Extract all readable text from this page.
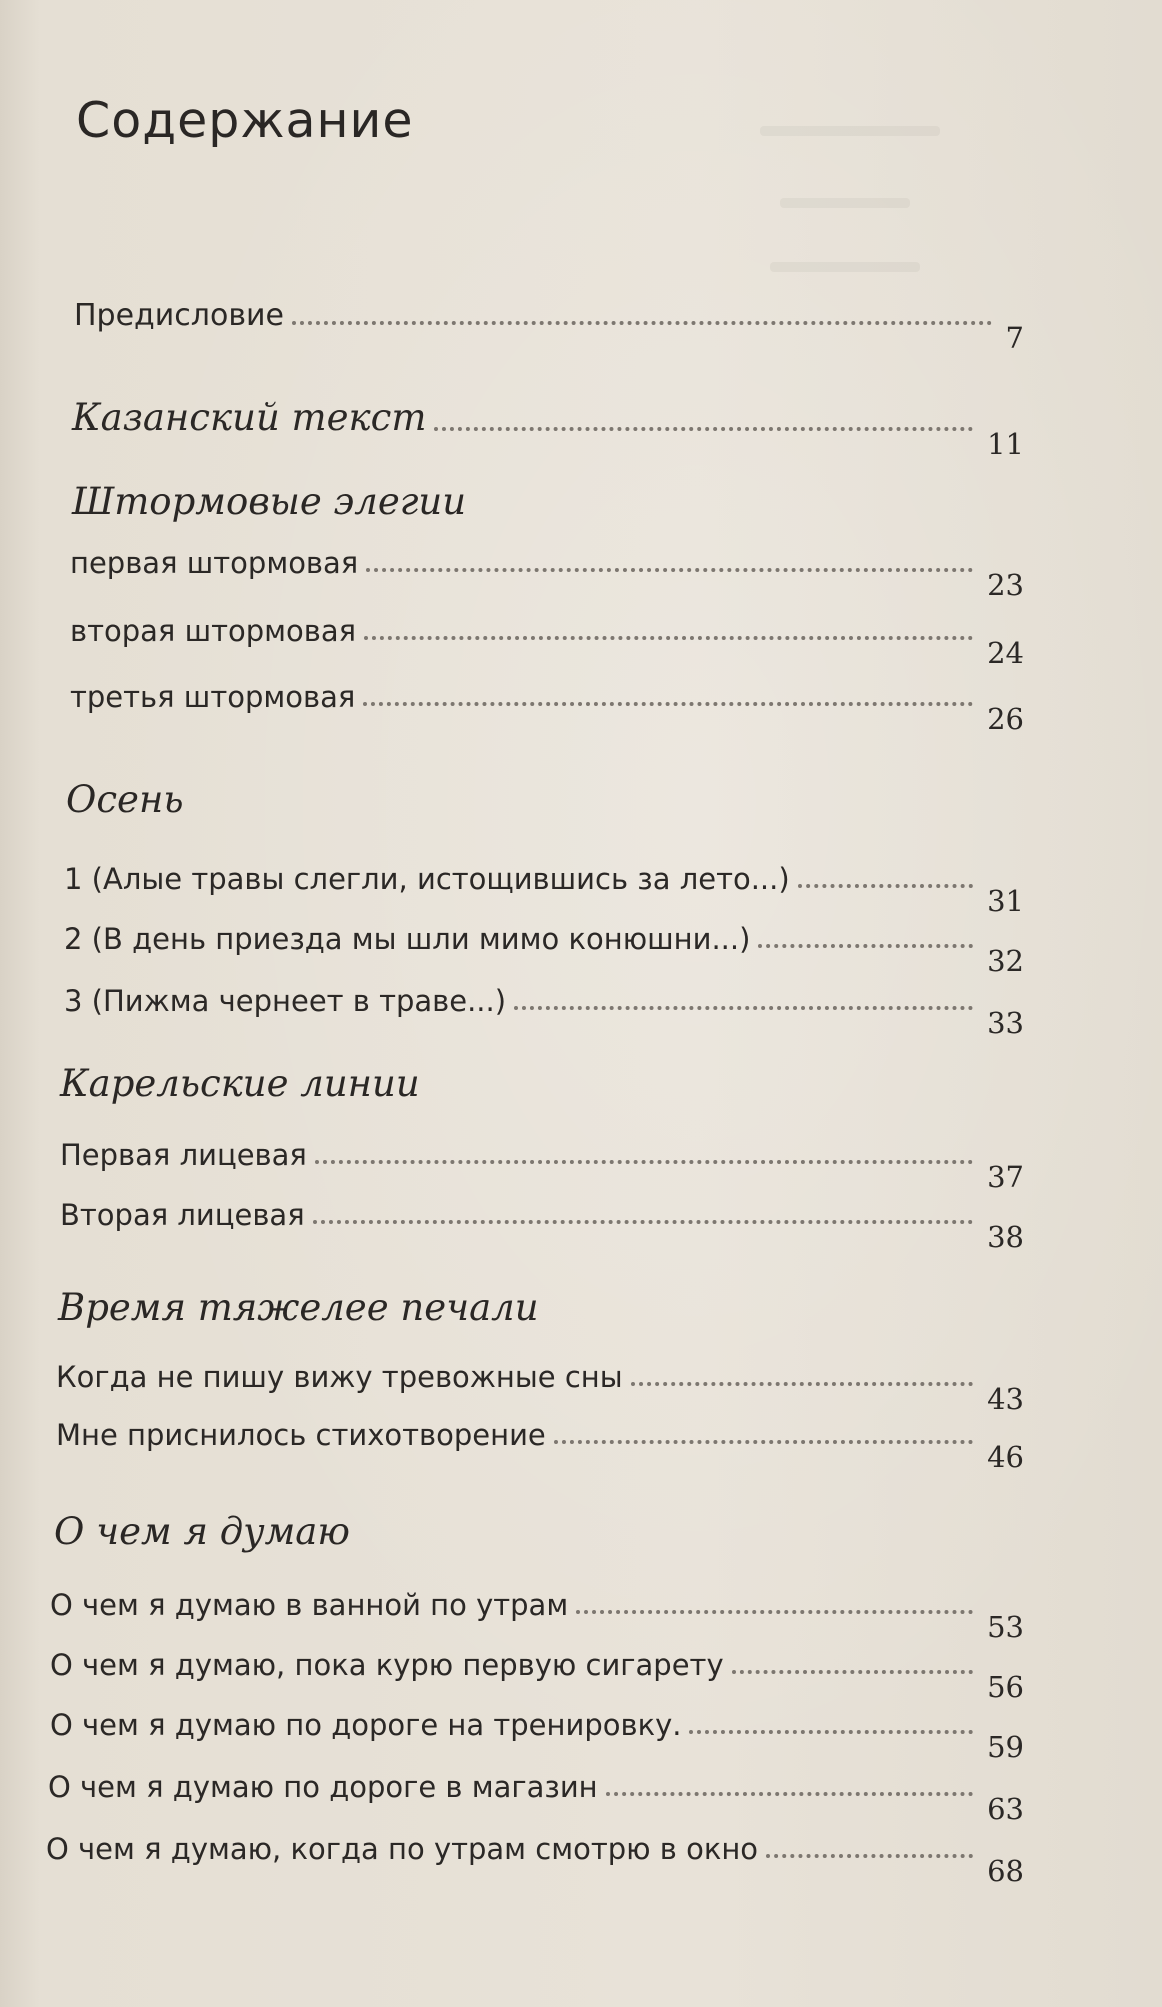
Содержание
Предисловие
7
Казанский текст
11
Штормовые элегии
первая штормовая
23
вторая штормовая
24
третья штормовая
26
Осень
1 (Алые травы слегли, истощившись за лето...)
31
2 (В день приезда мы шли мимо конюшни...)
32
3 (Пижма чернеет в траве...)
33
Карельские линии
Первая лицевая
37
Вторая лицевая
38
Время тяжелее печали
Когда не пишу вижу тревожные сны
43
Мне приснилось стихотворение
46
О чем я думаю
О чем я думаю в ванной по утрам
53
О чем я думаю, пока курю первую сигарету
56
О чем я думаю по дороге на тренировку.
59
О чем я думаю по дороге в магазин
63
О чем я думаю, когда по утрам смотрю в окно
68
